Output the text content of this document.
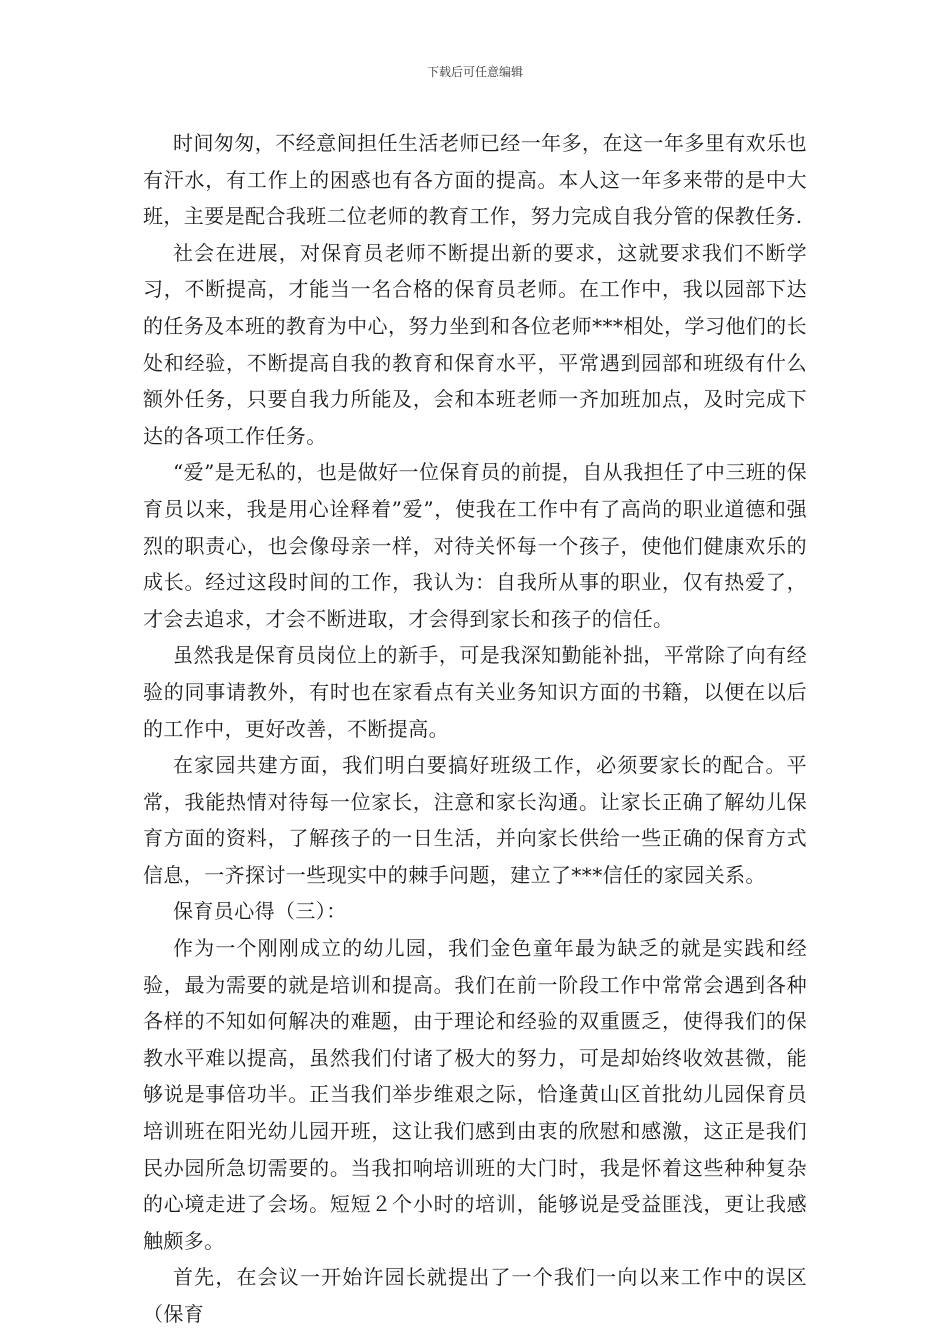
下载后可任意编辑

时间匆匆，不经意间担任生活老师已经一年多，在这一年多里有欢乐也有汗水，有工作上的困惑也有各方面的提高。本人这一年多来带的是中大班，主要是配合我班二位老师的教育工作，努力完成自我分管的保教任务.

社会在进展，对保育员老师不断提出新的要求，这就要求我们不断学习，不断提高，才能当一名合格的保育员老师。在工作中，我以园部下达的任务及本班的教育为中心，努力坐到和各位老师***相处，学习他们的长处和经验，不断提高自我的教育和保育水平，平常遇到园部和班级有什么额外任务，只要自我力所能及，会和本班老师一齐加班加点，及时完成下达的各项工作任务。

“爱”是无私的，也是做好一位保育员的前提，自从我担任了中三班的保育员以来，我是用心诠释着”爱”，使我在工作中有了高尚的职业道德和强烈的职责心，也会像母亲一样，对待关怀每一个孩子，使他们健康欢乐的成长。经过这段时间的工作，我认为：自我所从事的职业，仅有热爱了，才会去追求，才会不断进取，才会得到家长和孩子的信任。

虽然我是保育员岗位上的新手，可是我深知勤能补拙，平常除了向有经验的同事请教外，有时也在家看点有关业务知识方面的书籍，以便在以后的工作中，更好改善，不断提高。

在家园共建方面，我们明白要搞好班级工作，必须要家长的配合。平常，我能热情对待每一位家长，注意和家长沟通。让家长正确了解幼儿保育方面的资料，了解孩子的一日生活，并向家长供给一些正确的保育方式信息，一齐探讨一些现实中的棘手问题，建立了***信任的家园关系。

保育员心得（三）：

作为一个刚刚成立的幼儿园，我们金色童年最为缺乏的就是实践和经验，最为需要的就是培训和提高。我们在前一阶段工作中常常会遇到各种各样的不知如何解决的难题，由于理论和经验的双重匮乏，使得我们的保教水平难以提高，虽然我们付诸了极大的努力，可是却始终收效甚微，能够说是事倍功半。正当我们举步维艰之际，恰逢黄山区首批幼儿园保育员培训班在阳光幼儿园开班，这让我们感到由衷的欣慰和感激，这正是我们民办园所急切需要的。当我扣响培训班的大门时，我是怀着这些种种复杂的心境走进了会场。短短２个小时的培训，能够说是受益匪浅，更让我感触颇多。

首先，在会议一开始许园长就提出了一个我们一向以来工作中的误区（保育
